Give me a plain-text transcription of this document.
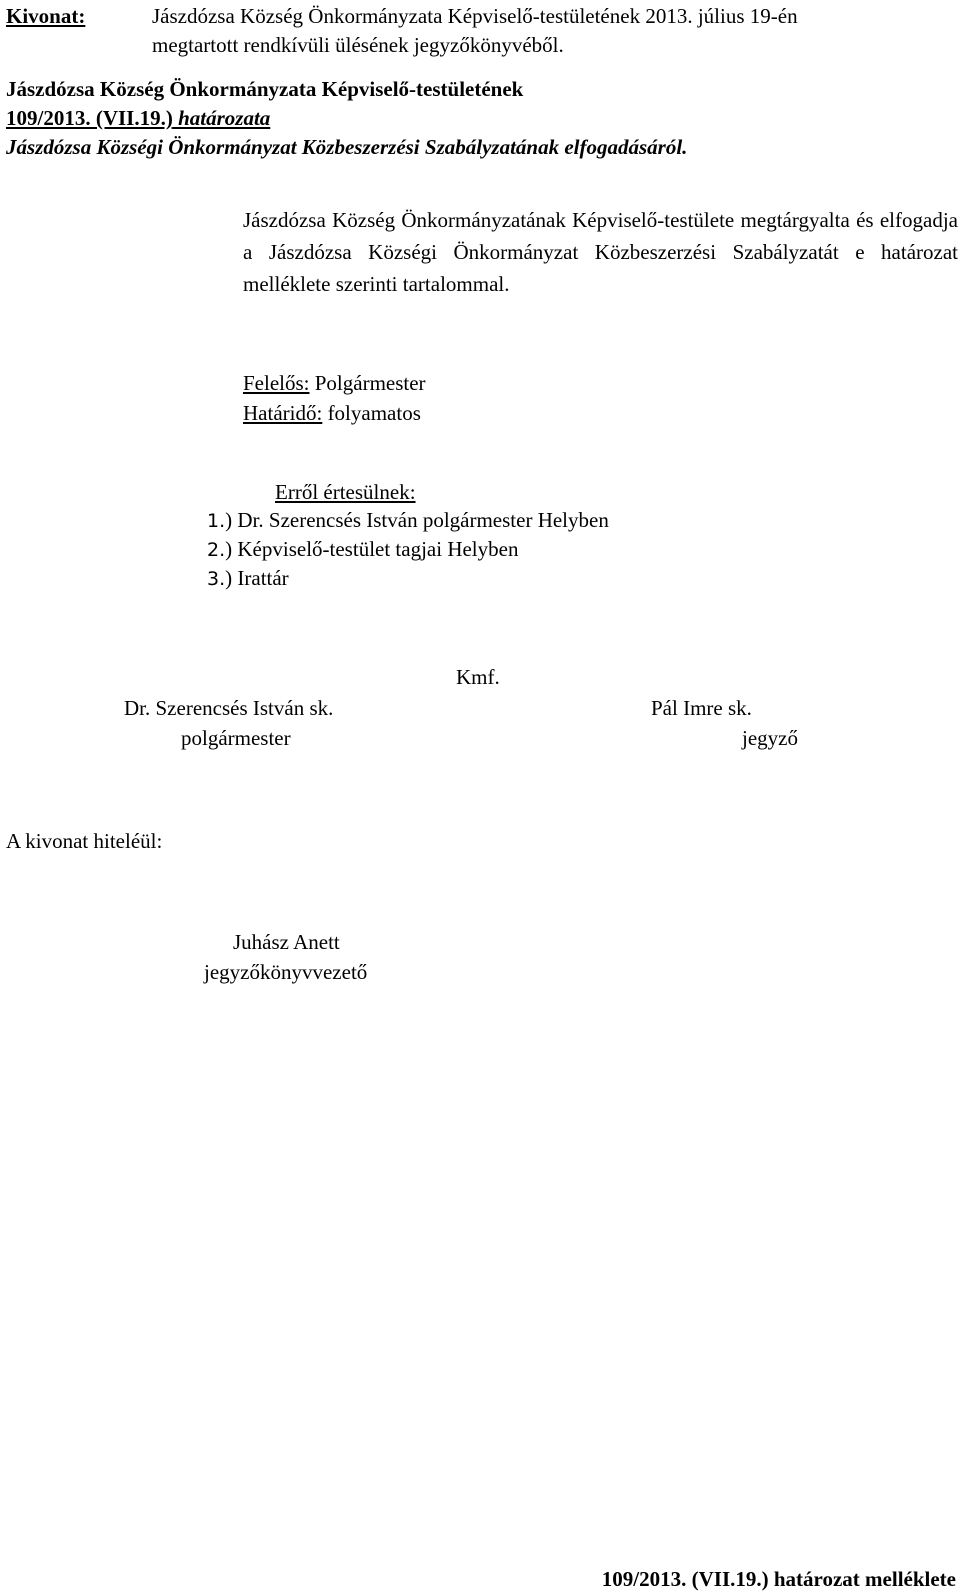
Kivonat:	Jászdózsa Község Önkormányzata Képviselő-testületének 2013. július 19-én
megtartott rendkívüli ülésének jegyzőkönyvéből.
Jászdózsa Község Önkormányzata Képviselő-testületének
109/2013. (VII.19.) határozata
Jászdózsa Községi Önkormányzat Közbeszerzési Szabályzatának elfogadásáról.

Jászdózsa Község Önkormányzatának Képviselő-testülete megtárgyalta és elfogadja a Jászdózsa Községi Önkormányzat Közbeszerzési Szabályzatát e határozat melléklete szerinti tartalommal.

Felelős: Polgármester
Határidő: folyamatos
Erről értesülnek:
1.) Dr. Szerencsés István polgármester Helyben
2.) Képviselő-testület tagjai Helyben
3.) Irattár
Kmf.
Dr. Szerencsés István sk.
polgármester
Pál Imre sk.
jegyző
A kivonat hiteléül:
Juhász Anett
jegyzőkönyvvezető
109/2013. (VII.19.) határozat melléklete
